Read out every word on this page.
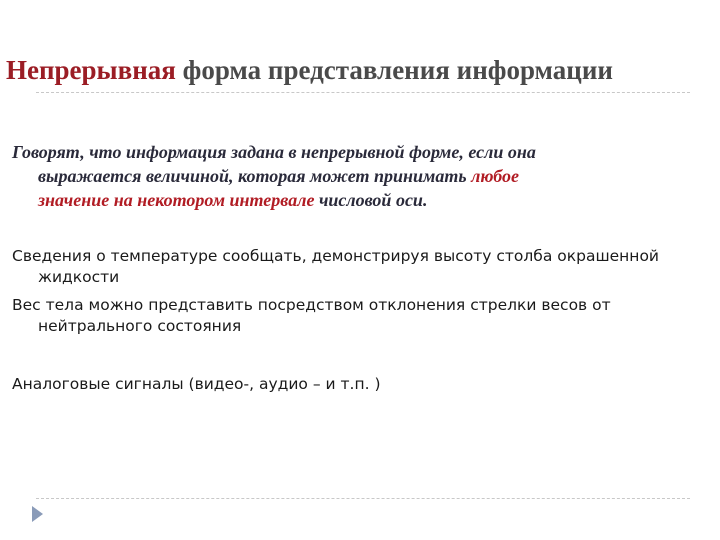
Непрерывная форма представления информации

Говорят, что информация задана в непрерывной форме, если она
выражается величиной, которая может принимать любое
значение на некотором интервале числовой оси.

Сведения о температуре сообщать, демонстрируя высоту столба окрашенной
жидкости

Вес тела можно представить посредством отклонения стрелки весов от
нейтрального состояния

Аналоговые сигналы (видео-, аудио – и т.п. )
